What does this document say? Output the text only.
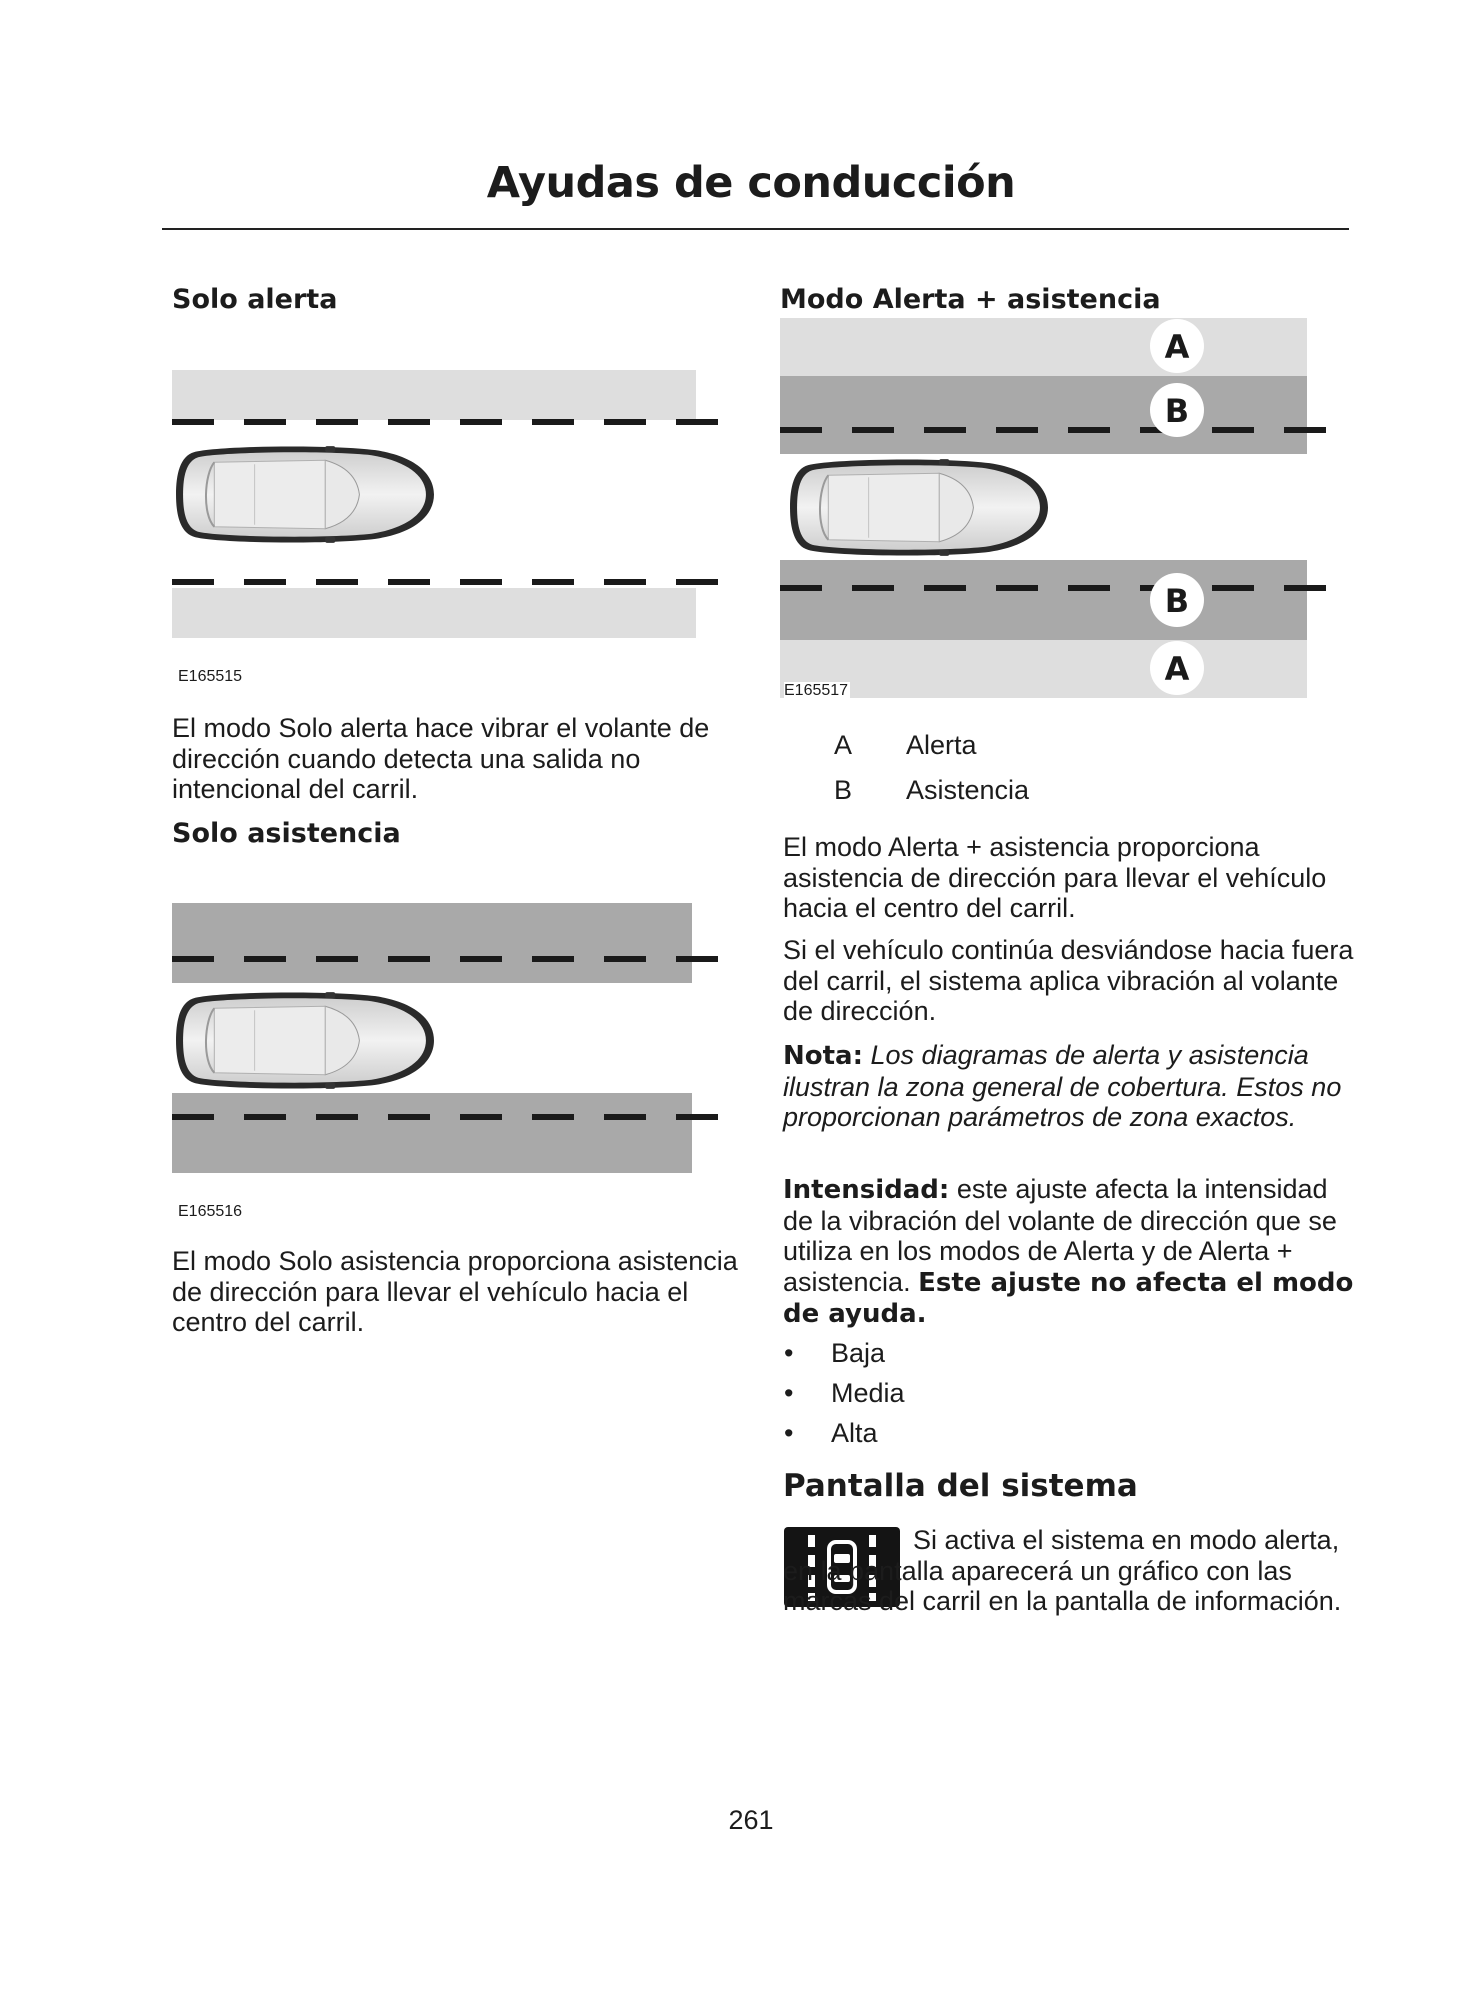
Ayudas de conducción
Solo alerta
E165515

El modo Solo alerta hace vibrar el volante de dirección cuando detecta una salida no intencional del carril.

Solo asistencia
E165516

El modo Solo asistencia proporciona asistencia de dirección para llevar el vehículo hacia el centro del carril.

Modo Alerta + asistencia
A
B
B
A
E165517
A Alerta
B Asistencia

El modo Alerta + asistencia proporciona asistencia de dirección para llevar el vehículo hacia el centro del carril.

Si el vehículo continúa desviándose hacia fuera del carril, el sistema aplica vibración al volante de dirección.

Nota: Los diagramas de alerta y asistencia ilustran la zona general de cobertura. Estos no proporcionan parámetros de zona exactos.

Intensidad: este ajuste afecta la intensidad de la vibración del volante de dirección que se utiliza en los modos de Alerta y de Alerta + asistencia. Este ajuste no afecta el modo de ayuda.

• Baja
• Media
• Alta
Pantalla del sistema

Si activa el sistema en modo alerta, en la pantalla aparecerá un gráfico con las marcas del carril en la pantalla de información.

261
